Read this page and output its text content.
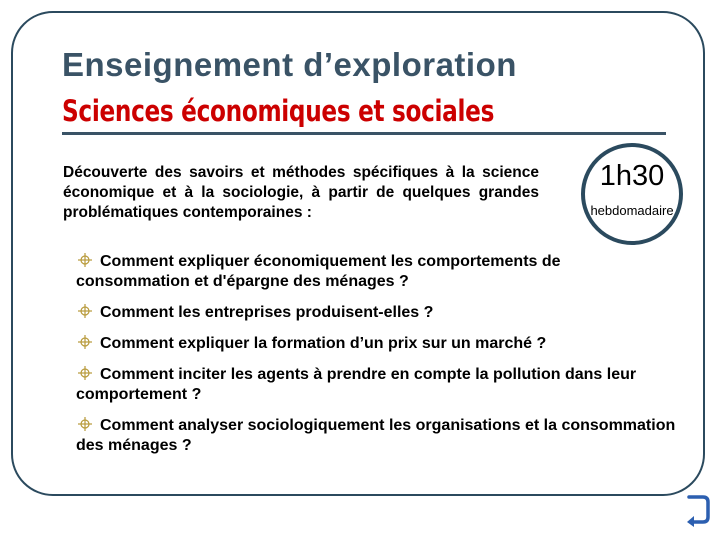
Enseignement d’exploration
Sciences économiques et sociales

Découverte des savoirs et méthodes spécifiques à la science économique et à la sociologie, à partir de quelques grandes problématiques contemporaines :

1h30
hebdomadaire
Comment expliquer économiquement les comportements de consommation et d'épargne des ménages ?
Comment les entreprises produisent-elles ?
Comment expliquer la formation d’un prix sur un marché ?
Comment inciter les agents à prendre en compte la pollution dans leur comportement ?
Comment analyser sociologiquement les organisations et la consommation des ménages ?
